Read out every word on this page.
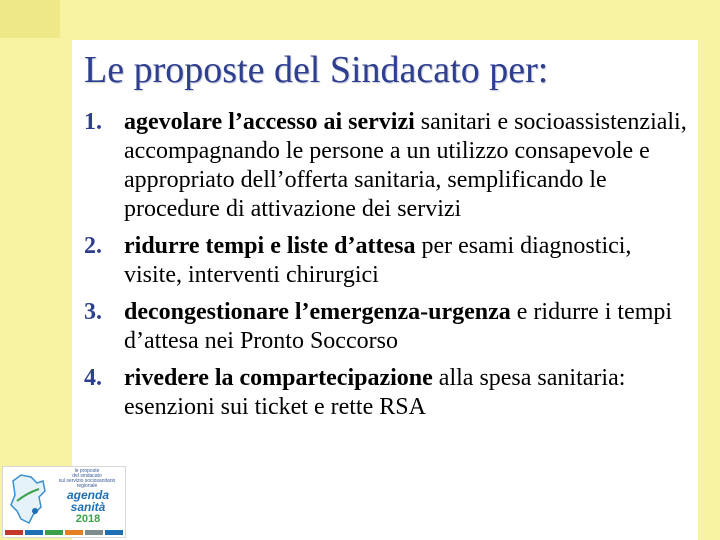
Le proposte del Sindacato per:
1. agevolare l’accesso ai servizi sanitari e socioassistenziali, accompagnando le persone a un utilizzo consapevole e appropriato dell’offerta sanitaria, semplificando le procedure di attivazione dei servizi
2. ridurre tempi e liste d’attesa per esami diagnostici, visite, interventi chirurgici
3. decongestionare l’emergenza-urgenza e ridurre i tempi d’attesa nei Pronto Soccorso
4. rivedere la compartecipazione alla spesa sanitaria: esenzioni sui ticket e rette RSA
le proposte
del sindacato
sul servizio sociosanitario
regionale
agenda
sanità
2018
